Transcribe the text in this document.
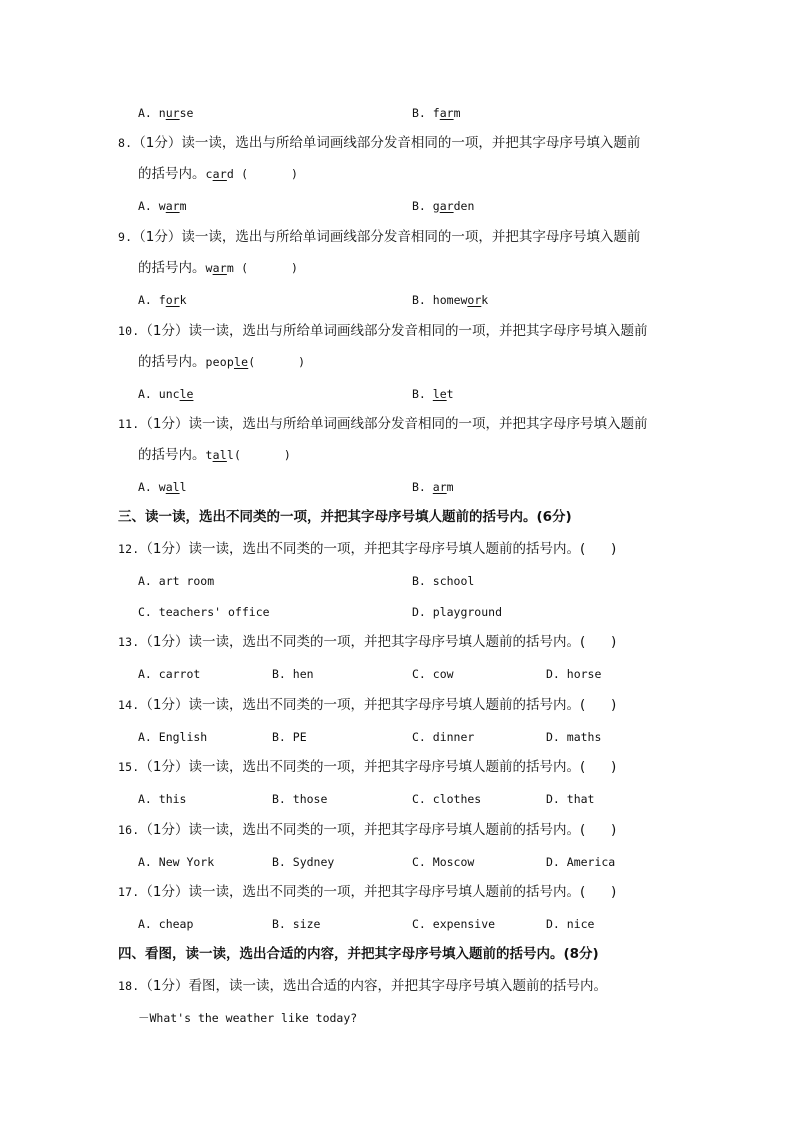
A. nurse	B. farm
8.（1分）读一读，选出与所给单词画线部分发音相同的一项，并把其字母序号填入题前
的括号内。card (      )
A. warm	B. garden
9.（1分）读一读，选出与所给单词画线部分发音相同的一项，并把其字母序号填入题前
的括号内。warm (      )
A. fork	B. homework
10.（1分）读一读，选出与所给单词画线部分发音相同的一项，并把其字母序号填入题前
的括号内。people(      )
A. uncle	B. let
11.（1分）读一读，选出与所给单词画线部分发音相同的一项，并把其字母序号填入题前
的括号内。tall(      )
A. wall	B. arm
三、读一读，选出不同类的一项，并把其字母序号填人题前的括号内。(6分)
12.（1分）读一读，选出不同类的一项，并把其字母序号填人题前的括号内。(      )
A. art room	B. school
C. teachers' office	D. playground
13.（1分）读一读，选出不同类的一项，并把其字母序号填人题前的括号内。(      )
A. carrot	B. hen	C. cow	D. horse
14.（1分）读一读，选出不同类的一项，并把其字母序号填人题前的括号内。(      )
A. English	B. PE	C. dinner	D. maths
15.（1分）读一读，选出不同类的一项，并把其字母序号填人题前的括号内。(      )
A. this	B. those	C. clothes	D. that
16.（1分）读一读，选出不同类的一项，并把其字母序号填人题前的括号内。(      )
A. New York	B. Sydney	C. Moscow	D. America
17.（1分）读一读，选出不同类的一项，并把其字母序号填人题前的括号内。(      )
A. cheap	B. size	C. expensive	D. nice
四、看图，读一读，选出合适的内容，并把其字母序号填入题前的括号内。(8分)
18.（1分）看图，读一读，选出合适的内容，并把其字母序号填入题前的括号内。
－What's the weather like today?
